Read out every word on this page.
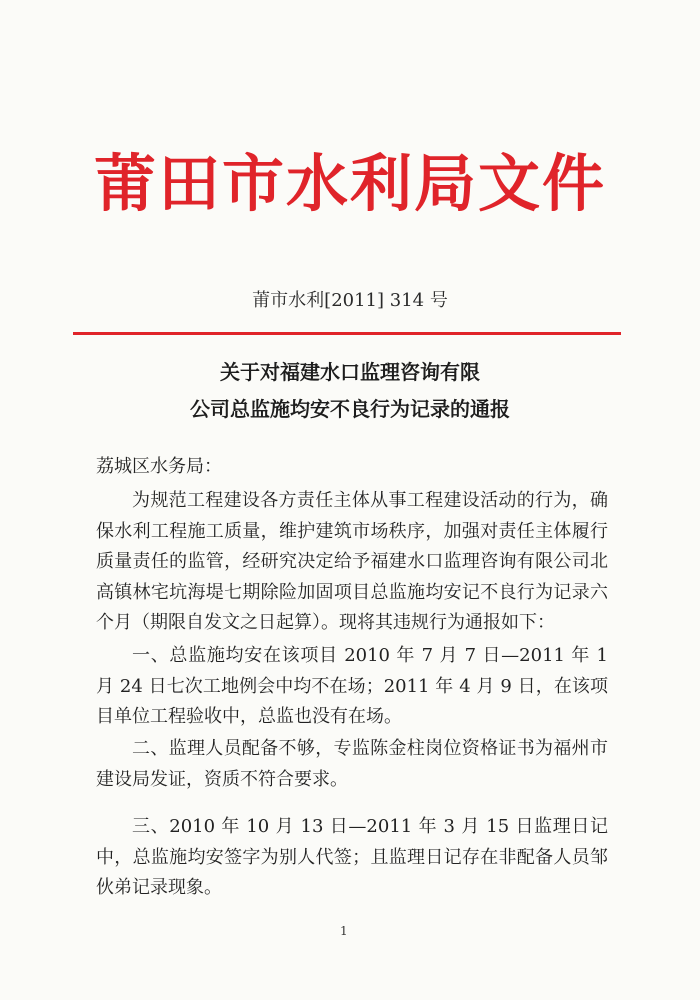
莆田市水利局文件
莆市水利[2011] 314 号
关于对福建水口监理咨询有限
公司总监施均安不良行为记录的通报
荔城区水务局：
为规范工程建设各方责任主体从事工程建设活动的行为，确保水利工程施工质量，维护建筑市场秩序，加强对责任主体履行质量责任的监管，经研究决定给予福建水口监理咨询有限公司北高镇林宅坑海堤七期除险加固项目总监施均安记不良行为记录六个月（期限自发文之日起算）。现将其违规行为通报如下：
一、总监施均安在该项目 2010 年 7 月 7 日—2011 年 1 月 24 日七次工地例会中均不在场；2011 年 4 月 9 日，在该项目单位工程验收中，总监也没有在场。
二、监理人员配备不够，专监陈金柱岗位资格证书为福州市建设局发证，资质不符合要求。
三、2010 年 10 月 13 日—2011 年 3 月 15 日监理日记中，总监施均安签字为别人代签；且监理日记存在非配备人员邹伙弟记录现象。
1
